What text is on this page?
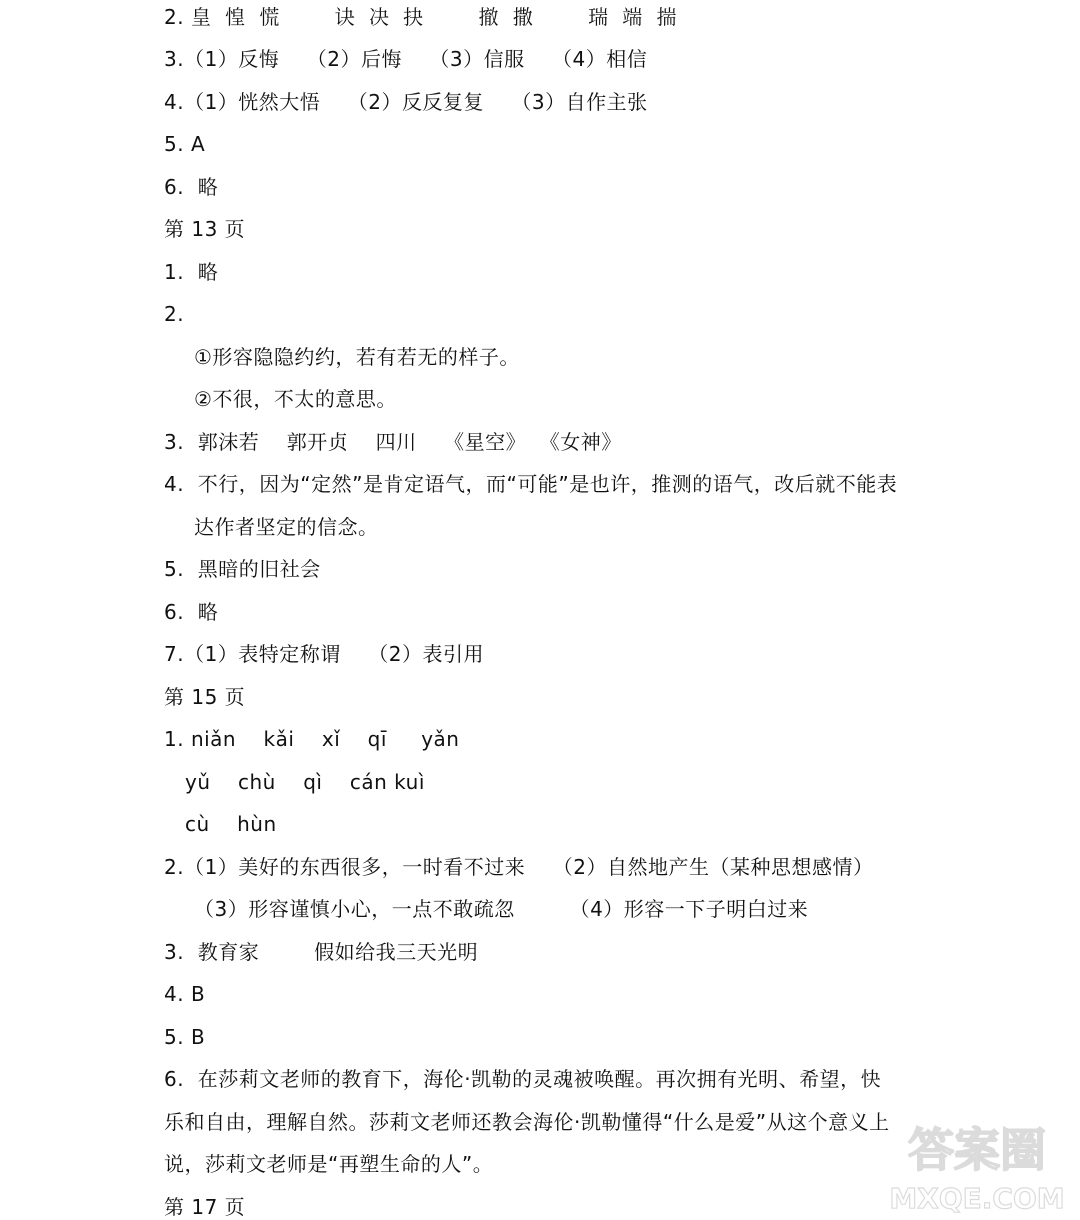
2. 皇  惶  慌        诀  决  抉        撤  撒        瑞  端  揣
3.（1）反悔    （2）后悔    （3）信服    （4）相信
4.（1）恍然大悟    （2）反反复复    （3）自作主张
5. A
6.  略
第 13 页
1.  略
2.
①形容隐隐约约，若有若无的样子。
②不很，不太的意思。
3.  郭沫若    郭开贞    四川    《星空》  《女神》
4.  不行，因为“定然”是肯定语气，而“可能”是也许，推测的语气，改后就不能表
达作者坚定的信念。
5.  黑暗的旧社会
6.  略
7.（1）表特定称谓    （2）表引用
第 15 页
1. niǎn    kǎi    xǐ    qī     yǎn
yǔ    chù    qì    cán kuì
cù    hùn
2.（1）美好的东西很多，一时看不过来    （2）自然地产生（某种思想感情）
（3）形容谨慎小心，一点不敢疏忽        （4）形容一下子明白过来
3.  教育家        假如给我三天光明
4. B
5. B
6.  在莎莉文老师的教育下，海伦·凯勒的灵魂被唤醒。再次拥有光明、希望，快
乐和自由，理解自然。莎莉文老师还教会海伦·凯勒懂得“什么是爱”从这个意义上
说，莎莉文老师是“再塑生命的人”。
第 17 页
答案圈
MXQE.COM
